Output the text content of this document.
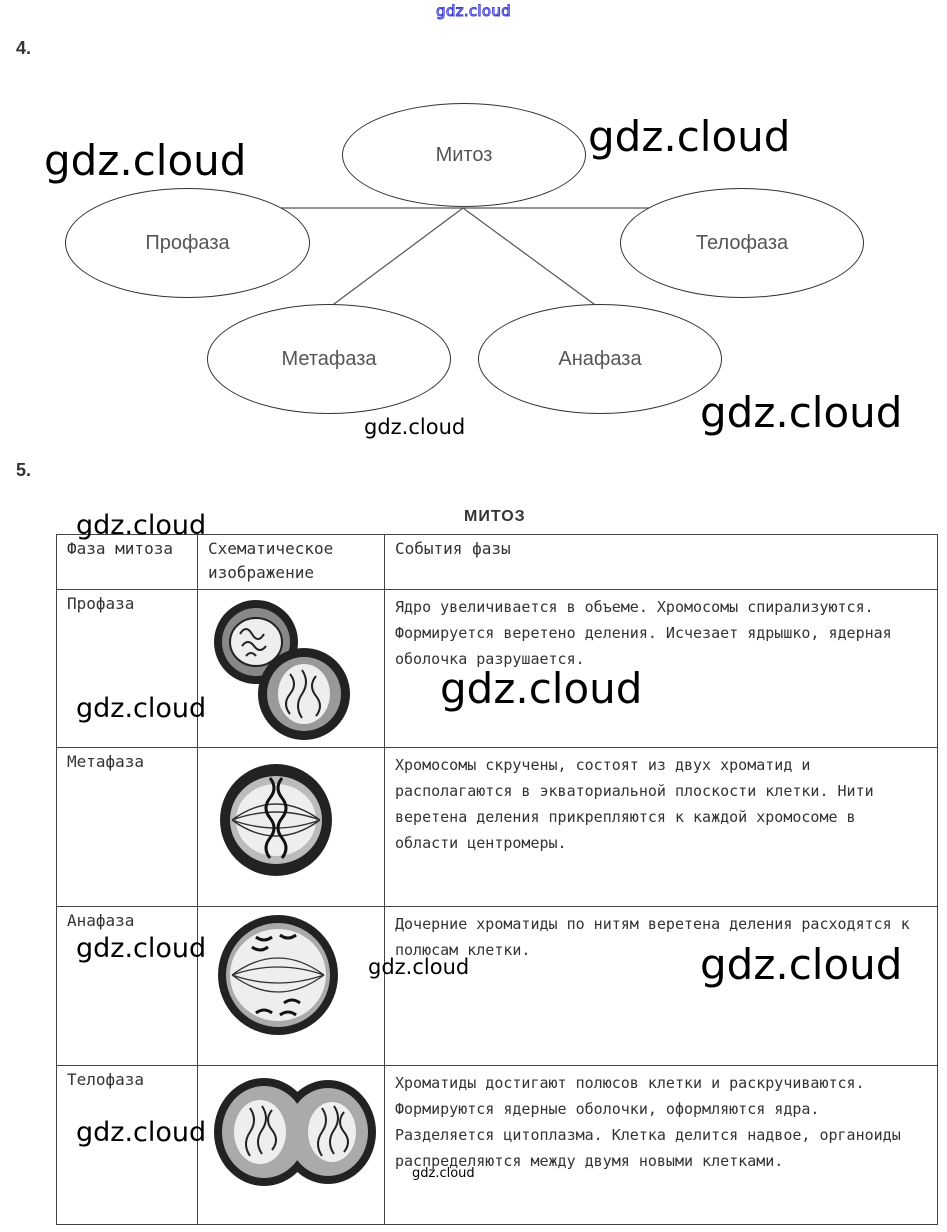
gdz.cloud
4.
Митоз
Профаза	Телофаза
Метафаза	Анафаза
gdz.cloud	gdz.cloud
gdz.cloud	gdz.cloud
5.
МИТОЗ
Фаза митоза	Схематическое изображение	События фазы
Профаза		Ядро увеличивается в объеме. Хромосомы спирализуются. Формируется веретено деления. Исчезает ядрышко, ядерная оболочка разрушается.
Метафаза		Хромосомы скручены, состоят из двух хроматид и располагаются в экваториальной плоскости клетки. Нити веретена деления прикрепляются к каждой хромосоме в области центромеры.
Анафаза		Дочерние хроматиды по нитям веретена деления расходятся к полюсам клетки.
Телофаза		Хроматиды достигают полюсов клетки и раскручиваются. Формируются ядерные оболочки, оформляются ядра. Разделяется цитоплазма. Клетка делится надвое, органоиды распределяются между двумя новыми клетками.
gdz.cloud
gdz.cloud	gdz.cloud
gdz.cloud
gdz.cloud	gdz.cloud
gdz.cloud
gdz.cloud
